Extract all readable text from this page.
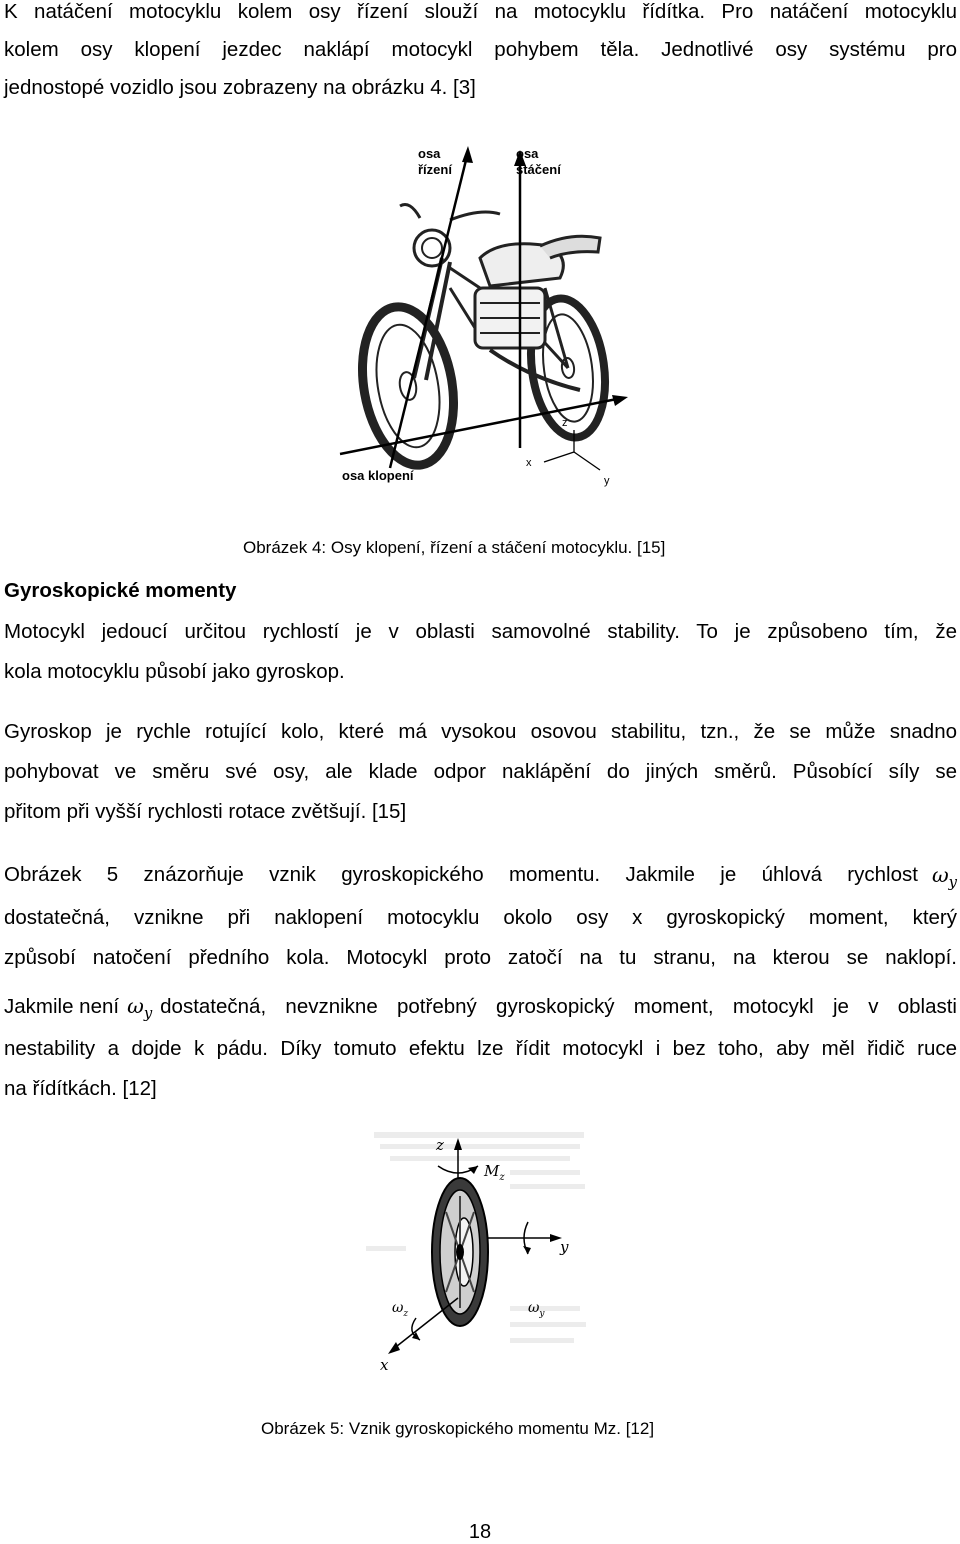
K natáčení motocyklu kolem osy řízení slouží na motocyklu řídítka. Pro natáčení motocyklu
kolem osy klopení jezdec naklápí motocykl pohybem těla. Jednotlivé osy systému pro
jednostopé vozidlo jsou zobrazeny na obrázku 4. [3]
osa
řízení
osa
stáčení
osa klopení
z
x
y
Obrázek 4: Osy klopení, řízení a stáčení motocyklu. [15]
Gyroskopické momenty
Motocykl jedoucí určitou rychlostí je v oblasti samovolné stability. To je způsobeno tím, že
kola motocyklu působí jako gyroskop.
Gyroskop je rychle rotující kolo, které má vysokou osovou stabilitu, tzn., že se může snadno
pohybovat ve směru své osy, ale klade odpor naklápění do jiných směrů. Působící síly se
přitom při vyšší rychlosti rotace zvětšují. [15]
Obrázek 5 znázorňuje vznik gyroskopického momentu. Jakmile je úhlová rychlost $\omega_y$
dostatečná, vznikne při naklopení motocyklu okolo osy x gyroskopický moment, který
způsobí natočení předního kola. Motocykl proto zatočí na tu stranu, na kterou se naklopí.
Jakmile není $\omega_y$ dostatečná, nevznikne potřebný gyroskopický moment, motocykl je v oblasti
nestability a dojde k pádu. Díky tomuto efektu lze řídit motocykl i bez toho, aby měl řidič ruce
na řídítkách. [12]
z
$M_z$
y
x
$\omega_z$	$\omega_y$
Obrázek 5: Vznik gyroskopického momentu Mz. [12]
18
